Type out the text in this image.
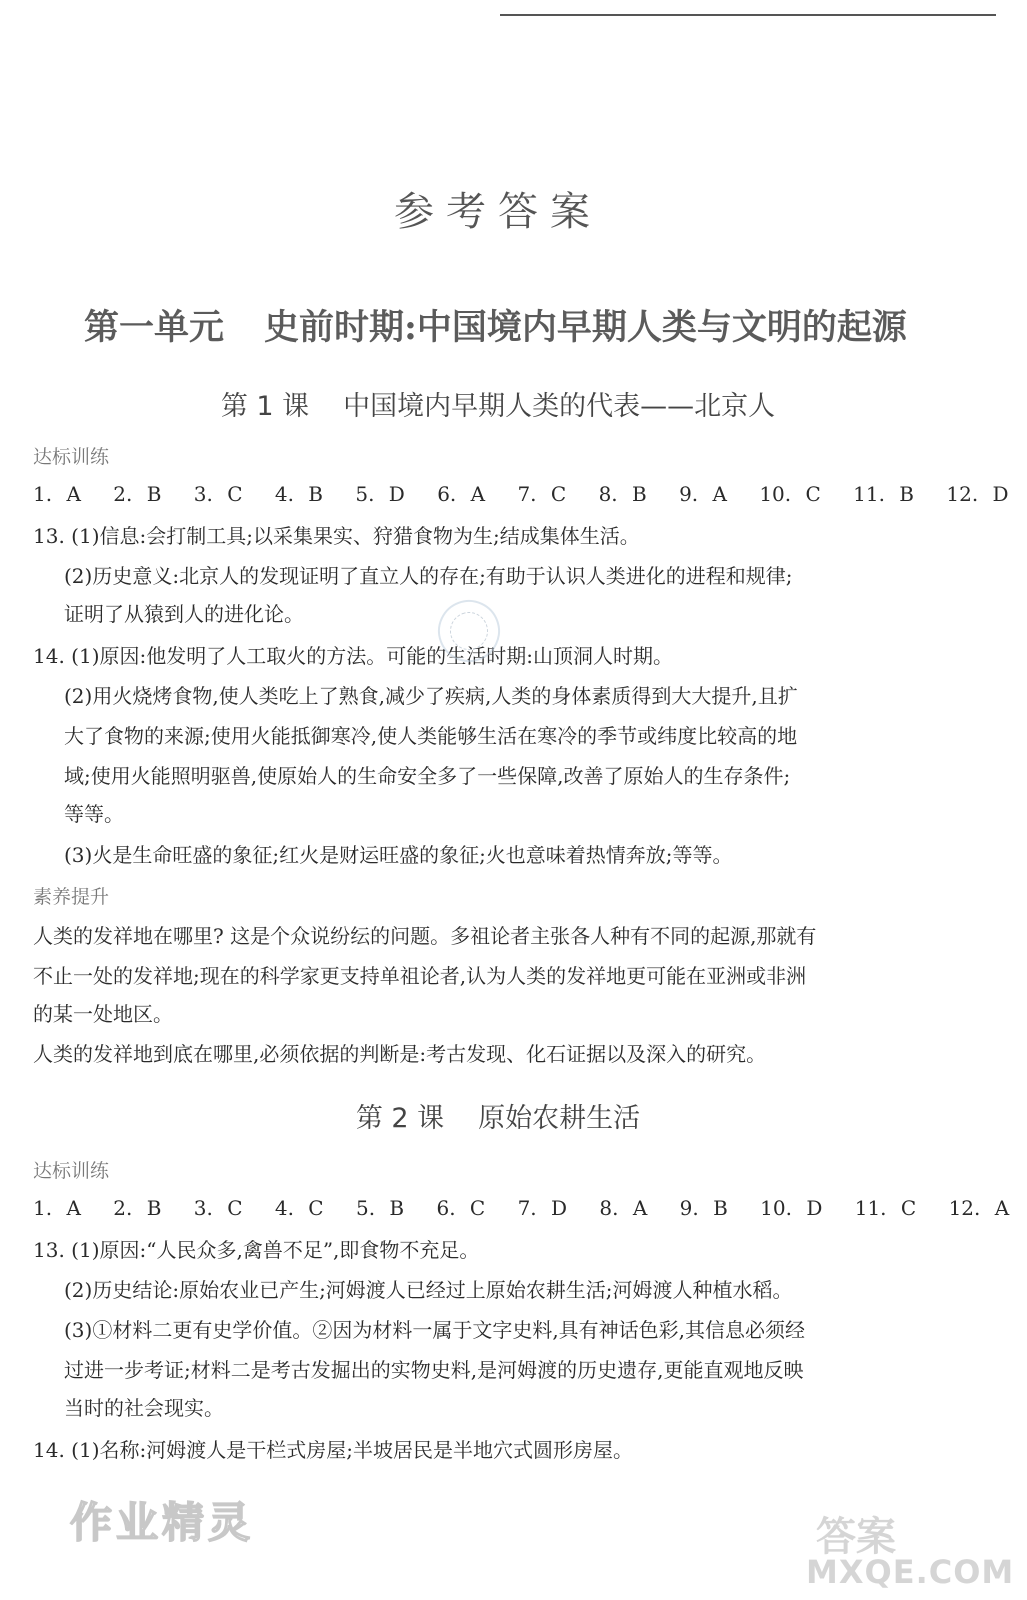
参考答案
第一单元 史前时期:中国境内早期人类与文明的起源
第 1 课 中国境内早期人类的代表——北京人
达标训练
1. A 2. B 3. C 4. B 5. D 6. A 7. C 8. B 9. A 10. C 11. B 12. D
13. (1)信息:会打制工具;以采集果实、狩猎食物为生;结成集体生活。
(2)历史意义:北京人的发现证明了直立人的存在;有助于认识人类进化的进程和规律;
证明了从猿到人的进化论。
14. (1)原因:他发明了人工取火的方法。可能的生活时期:山顶洞人时期。
(2)用火烧烤食物,使人类吃上了熟食,减少了疾病,人类的身体素质得到大大提升,且扩
大了食物的来源;使用火能抵御寒冷,使人类能够生活在寒冷的季节或纬度比较高的地
域;使用火能照明驱兽,使原始人的生命安全多了一些保障,改善了原始人的生存条件;
等等。
(3)火是生命旺盛的象征;红火是财运旺盛的象征;火也意味着热情奔放;等等。
素养提升
人类的发祥地在哪里? 这是个众说纷纭的问题。多祖论者主张各人种有不同的起源,那就有
不止一处的发祥地;现在的科学家更支持单祖论者,认为人类的发祥地更可能在亚洲或非洲
的某一处地区。
人类的发祥地到底在哪里,必须依据的判断是:考古发现、化石证据以及深入的研究。
第 2 课 原始农耕生活
达标训练
1. A 2. B 3. C 4. C 5. B 6. C 7. D 8. A 9. B 10. D 11. C 12. A
13. (1)原因:“人民众多,禽兽不足”,即食物不充足。
(2)历史结论:原始农业已产生;河姆渡人已经过上原始农耕生活;河姆渡人种植水稻。
(3)①材料二更有史学价值。②因为材料一属于文字史料,具有神话色彩,其信息必须经
过进一步考证;材料二是考古发掘出的实物史料,是河姆渡的历史遗存,更能直观地反映
当时的社会现实。
14. (1)名称:河姆渡人是干栏式房屋;半坡居民是半地穴式圆形房屋。
作业精灵	答案
MXQE.COM
